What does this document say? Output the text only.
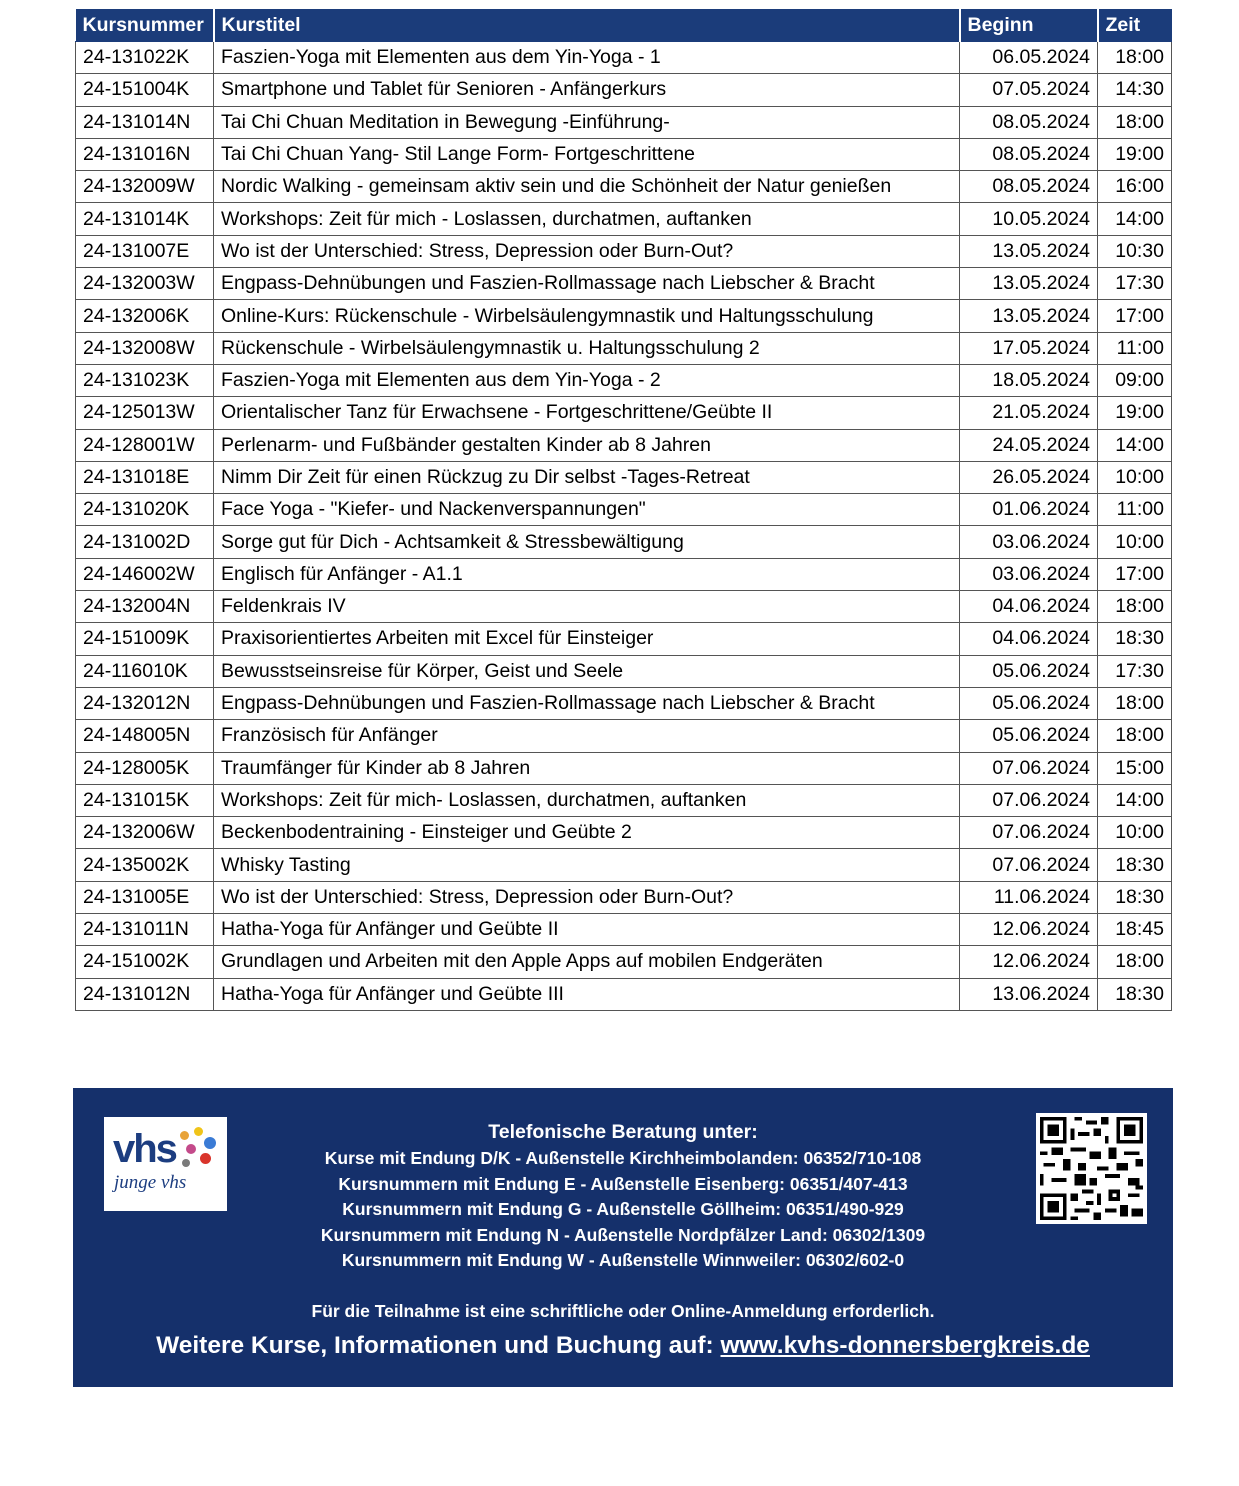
Kursnummer	Kurstitel	Beginn	Zeit
24-131022K	Faszien-Yoga mit Elementen aus dem Yin-Yoga - 1	06.05.2024	18:00
24-151004K	Smartphone und Tablet für Senioren - Anfängerkurs	07.05.2024	14:30
24-131014N	Tai Chi Chuan Meditation in Bewegung -Einführung-	08.05.2024	18:00
24-131016N	Tai Chi Chuan Yang- Stil Lange Form- Fortgeschrittene	08.05.2024	19:00
24-132009W	Nordic Walking - gemeinsam aktiv sein und die Schönheit der Natur genießen	08.05.2024	16:00
24-131014K	Workshops: Zeit für mich - Loslassen, durchatmen, auftanken	10.05.2024	14:00
24-131007E	Wo ist der Unterschied: Stress, Depression oder Burn-Out?	13.05.2024	10:30
24-132003W	Engpass-Dehnübungen und Faszien-Rollmassage nach Liebscher & Bracht	13.05.2024	17:30
24-132006K	Online-Kurs: Rückenschule - Wirbelsäulengymnastik und Haltungsschulung	13.05.2024	17:00
24-132008W	Rückenschule - Wirbelsäulengymnastik u. Haltungsschulung 2	17.05.2024	11:00
24-131023K	Faszien-Yoga mit Elementen aus dem Yin-Yoga - 2	18.05.2024	09:00
24-125013W	Orientalischer Tanz für Erwachsene - Fortgeschrittene/Geübte II	21.05.2024	19:00
24-128001W	Perlenarm- und Fußbänder gestalten Kinder ab 8 Jahren	24.05.2024	14:00
24-131018E	Nimm Dir Zeit für einen Rückzug zu Dir selbst -Tages-Retreat	26.05.2024	10:00
24-131020K	Face Yoga - "Kiefer- und Nackenverspannungen"	01.06.2024	11:00
24-131002D	Sorge gut für Dich - Achtsamkeit & Stressbewältigung	03.06.2024	10:00
24-146002W	Englisch für Anfänger - A1.1	03.06.2024	17:00
24-132004N	Feldenkrais IV	04.06.2024	18:00
24-151009K	Praxisorientiertes Arbeiten mit Excel für Einsteiger	04.06.2024	18:30
24-116010K	Bewusstseinsreise für Körper, Geist und Seele	05.06.2024	17:30
24-132012N	Engpass-Dehnübungen und Faszien-Rollmassage nach Liebscher & Bracht	05.06.2024	18:00
24-148005N	Französisch für Anfänger	05.06.2024	18:00
24-128005K	Traumfänger für Kinder ab 8 Jahren	07.06.2024	15:00
24-131015K	Workshops: Zeit für mich- Loslassen, durchatmen, auftanken	07.06.2024	14:00
24-132006W	Beckenbodentraining - Einsteiger und Geübte 2	07.06.2024	10:00
24-135002K	Whisky Tasting	07.06.2024	18:30
24-131005E	Wo ist der Unterschied: Stress, Depression oder Burn-Out?	11.06.2024	18:30
24-131011N	Hatha-Yoga für Anfänger und Geübte II	12.06.2024	18:45
24-151002K	Grundlagen und Arbeiten mit den Apple Apps auf mobilen Endgeräten	12.06.2024	18:00
24-131012N	Hatha-Yoga für Anfänger und Geübte III	13.06.2024	18:30
vhs
junge vhs
Telefonische Beratung unter:
Kurse mit Endung D/K - Außenstelle Kirchheimbolanden: 06352/710-108
Kursnummern mit Endung E - Außenstelle Eisenberg: 06351/407-413
Kursnummern mit Endung G - Außenstelle Göllheim: 06351/490-929
Kursnummern mit Endung N - Außenstelle Nordpfälzer Land: 06302/1309
Kursnummern mit Endung W - Außenstelle Winnweiler: 06302/602-0
Für die Teilnahme ist eine schriftliche oder Online-Anmeldung erforderlich.
Weitere Kurse, Informationen und Buchung auf: www.kvhs-donnersbergkreis.de
